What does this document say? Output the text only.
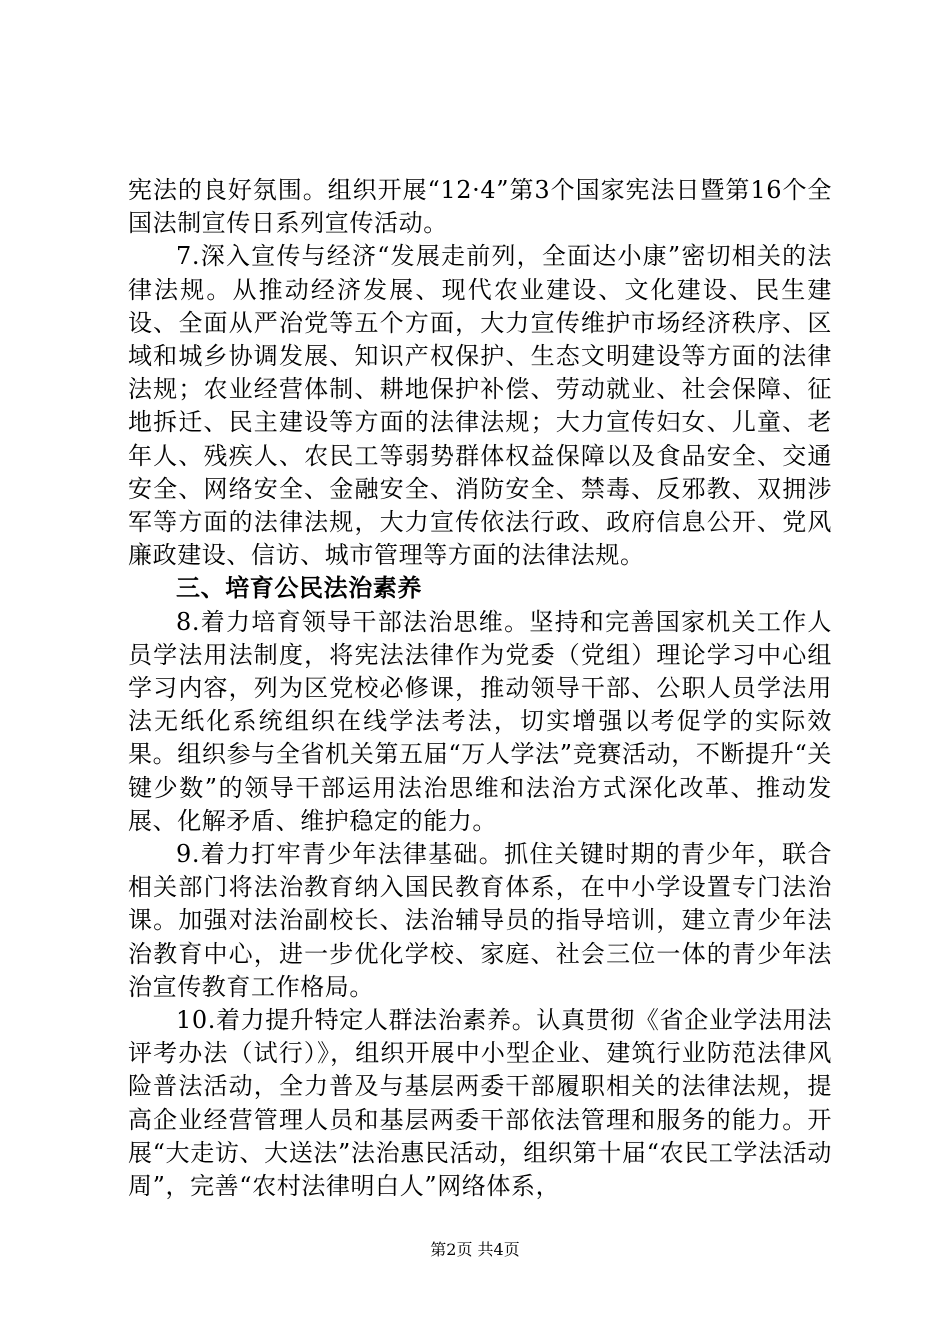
宪法的良好氛围。组织开展“12·4”第3个国家宪法日暨第16个全国法制宣传日系列宣传活动。

7.深入宣传与经济“发展走前列，全面达小康”密切相关的法律法规。从推动经济发展、现代农业建设、文化建设、民生建设、全面从严治党等五个方面，大力宣传维护市场经济秩序、区域和城乡协调发展、知识产权保护、生态文明建设等方面的法律法规；农业经营体制、耕地保护补偿、劳动就业、社会保障、征地拆迁、民主建设等方面的法律法规；大力宣传妇女、儿童、老年人、残疾人、农民工等弱势群体权益保障以及食品安全、交通安全、网络安全、金融安全、消防安全、禁毒、反邪教、双拥涉军等方面的法律法规，大力宣传依法行政、政府信息公开、党风廉政建设、信访、城市管理等方面的法律法规。

三、培育公民法治素养

8.着力培育领导干部法治思维。坚持和完善国家机关工作人员学法用法制度，将宪法法律作为党委（党组）理论学习中心组学习内容，列为区党校必修课，推动领导干部、公职人员学法用法无纸化系统组织在线学法考法，切实增强以考促学的实际效果。组织参与全省机关第五届“万人学法”竞赛活动，不断提升“关键少数”的领导干部运用法治思维和法治方式深化改革、推动发展、化解矛盾、维护稳定的能力。

9.着力打牢青少年法律基础。抓住关键时期的青少年，联合相关部门将法治教育纳入国民教育体系，在中小学设置专门法治课。加强对法治副校长、法治辅导员的指导培训，建立青少年法治教育中心，进一步优化学校、家庭、社会三位一体的青少年法治宣传教育工作格局。

10.着力提升特定人群法治素养。认真贯彻《省企业学法用法评考办法（试行）》，组织开展中小型企业、建筑行业防范法律风险普法活动，全力普及与基层两委干部履职相关的法律法规，提高企业经营管理人员和基层两委干部依法管理和服务的能力。开展“大走访、大送法”法治惠民活动，组织第十届“农民工学法活动周”，完善“农村法律明白人”网络体系，

第2页 共4页
